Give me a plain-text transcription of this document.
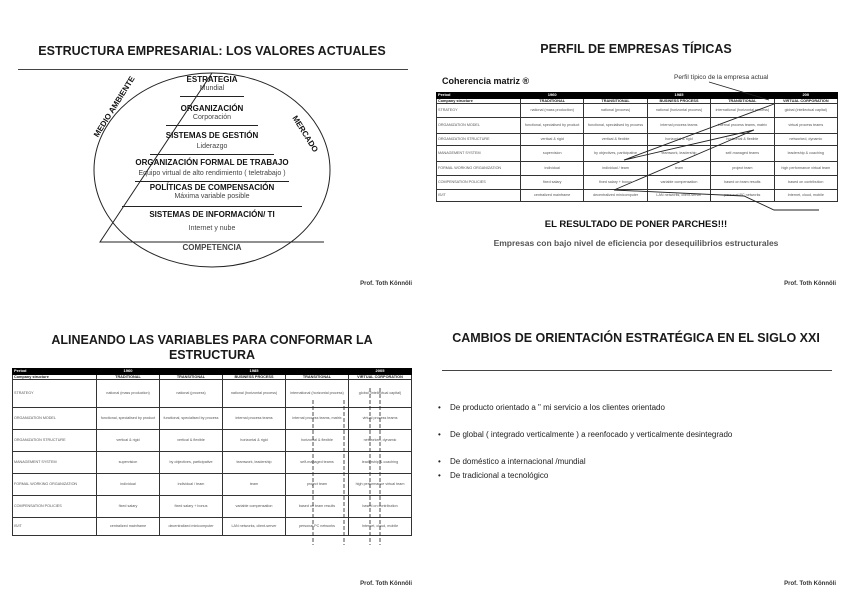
ESTRUCTURA EMPRESARIAL: LOS VALORES ACTUALES
ESTRATEGIA
Mundial
ORGANIZACIÓN
Corporación
SISTEMAS DE GESTIÓN
Liderazgo
ORGANIZACIÓN FORMAL DE TRABAJO
Equipo virtual de alto rendimiento ( teletrabajo )
POLÍTICAS DE COMPENSACIÓN
Máxima variable posible
SISTEMAS DE INFORMACIÓN/ TI
Internet y nube
COMPETENCIA
MEDIO AMBIENTE	MERCADO
Prof. Toth Könnöli
PERFIL DE EMPRESAS TÍPICAS
Coherencia matriz ®	Perfil típico de la empresa actual
Period	1960		1985		200
Company structure	TRADITIONAL	TRANSITIONAL	BUSINESS PROCESS	TRANSITIONAL	VIRTUAL CORPORATION
STRATEGY	national (mass production)	national (process)	national (horizontal process)	international (horizontal process)	global (intellectual capital)
ORGANIZATION MODEL	functional, specialised by product	functional, specialised by process	internal process teams	internal process teams, matrix	virtual process teams
ORGANIZATION STRUCTURE	vertical & rigid	vertical & flexible	horizontal & rigid	horizontal & flexible	networked, dynamic
MANAGEMENT SYSTEM	supervision	by objectives, participative	teamwork, leadership	self-managed teams	leadership & coaching
FORMAL WORKING ORGANIZATION	individual	individual / team	team	project team	high performance virtual team
COMPENSATION POLICIES	fixed salary	fixed salary + bonus	variable compensation	based on team results	based on contribution
IS/IT	centralized mainframe	decentralized minicomputer	LAN networks, client-server	personal PC networks	Internet, cloud, mobile
EL RESULTADO DE PONER PARCHES!!!
Empresas con bajo nivel de eficiencia por desequilibrios estructurales
Prof. Toth Könnöli
ALINEANDO LAS VARIABLES PARA CONFORMAR LA ESTRUCTURA
Period	1960		1985		2005
Company structure	TRADITIONAL	TRANSITIONAL	BUSINESS PROCESS	TRANSITIONAL	VIRTUAL CORPORATION
STRATEGY	national (mass production)	national (process)	national (horizontal process)	international (horizontal process)	global (intellectual capital)
ORGANIZATION MODEL	functional, specialised by product	functional, specialised by process	internal process teams	internal process teams, matrix	virtual process teams
ORGANIZATION STRUCTURE	vertical & rigid	vertical & flexible	horizontal & rigid	horizontal & flexible	networked, dynamic
MANAGEMENT SYSTEM	supervision	by objectives, participative	teamwork, leadership	self-managed teams	leadership & coaching
FORMAL WORKING ORGANIZATION	individual	individual / team	team	project team	high performance virtual team
COMPENSATION POLICIES	fixed salary	fixed salary + bonus	variable compensation	based on team results	based on contribution
IS/IT	centralized mainframe	decentralized minicomputer	LAN networks, client-server	personal PC networks	Internet, cloud, mobile
Prof. Toth Könnöli
CAMBIOS DE ORIENTACIÓN ESTRATÉGICA EN EL SIGLO XXI
• De producto orientado a " mi servicio a los clientes orientado
• De global ( integrado verticalmente ) a reenfocado y verticalmente desintegrado
• De doméstico a internacional /mundial
• De tradicional a tecnológico
Prof. Toth Könnöli
